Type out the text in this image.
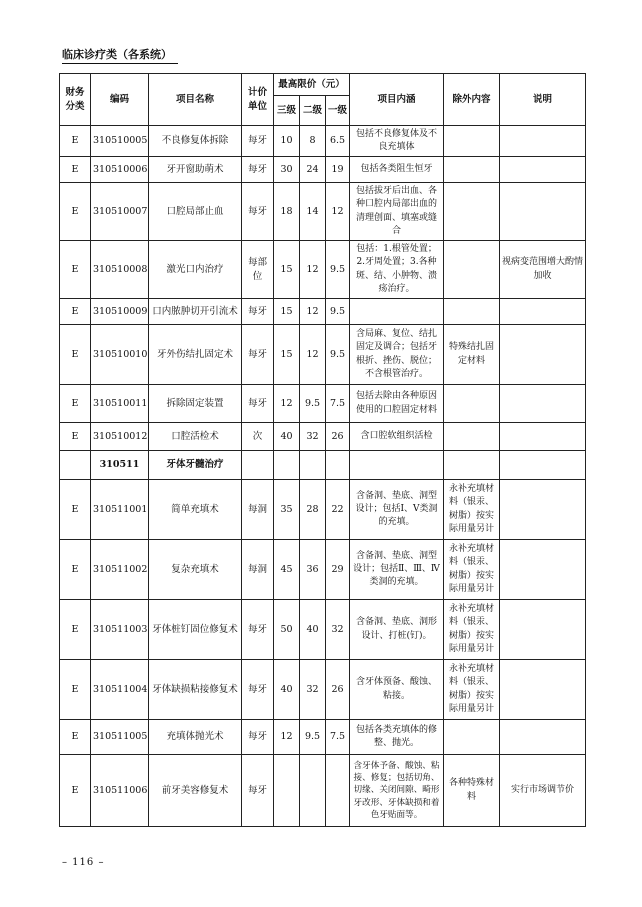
临床诊疗类（各系统）
财务分类	编码	项目名称	计价单位	最高限价（元）			项目内涵	除外内容	说明
				三级	二级	一级			
E	310510005	不良修复体拆除	每牙	10	8	6.5	包括不良修复体及不良充填体		
E	310510006	牙开窗助萌术	每牙	30	24	19	包括各类阻生恒牙		
E	310510007	口腔局部止血	每牙	18	14	12	包括拔牙后出血、各种口腔内局部出血的清理创面、填塞或缝合		
E	310510008	激光口内治疗	每部位	15	12	9.5	包括：1.根管处置；2.牙周处置；3.各种斑、结、小肿物、溃疡治疗。		视病变范围增大酌情加收
E	310510009	口内脓肿切开引流术	每牙	15	12	9.5			
E	310510010	牙外伤结扎固定术	每牙	15	12	9.5	含局麻、复位、结扎固定及调合；包括牙根折、挫伤、脱位；不含根管治疗。	特殊结扎固定材料	
E	310510011	拆除固定装置	每牙	12	9.5	7.5	包括去除由各种原因使用的口腔固定材料		
E	310510012	口腔活检术	次	40	32	26	含口腔软组织活检		
	310511	牙体牙髓治疗							
E	310511001	简单充填术	每洞	35	28	22	含备洞、垫底、洞型设计；包括Ⅰ、Ⅴ类洞的充填。	永补充填材料（银汞、树脂）按实际用量另计	
E	310511002	复杂充填术	每洞	45	36	29	含备洞、垫底、洞型设计；包括Ⅱ、Ⅲ、Ⅳ类洞的充填。	永补充填材料（银汞、树脂）按实际用量另计	
E	310511003	牙体桩钉固位修复术	每牙	50	40	32	含备洞、垫底、洞形设计、打桩(钉)。	永补充填材料（银汞、树脂）按实际用量另计	
E	310511004	牙体缺损粘接修复术	每牙	40	32	26	含牙体预备、酸蚀、粘接。	永补充填材料（银汞、树脂）按实际用量另计	
E	310511005	充填体抛光术	每牙	12	9.5	7.5	包括各类充填体的修整、抛光。		
E	310511006	前牙美容修复术	每牙				含牙体予备、酸蚀、粘接、修复；包括切角、切缘、关闭间隙、畸形牙改形、牙体缺损和着色牙贴面等。	各种特殊材料	实行市场调节价
– 116 –
